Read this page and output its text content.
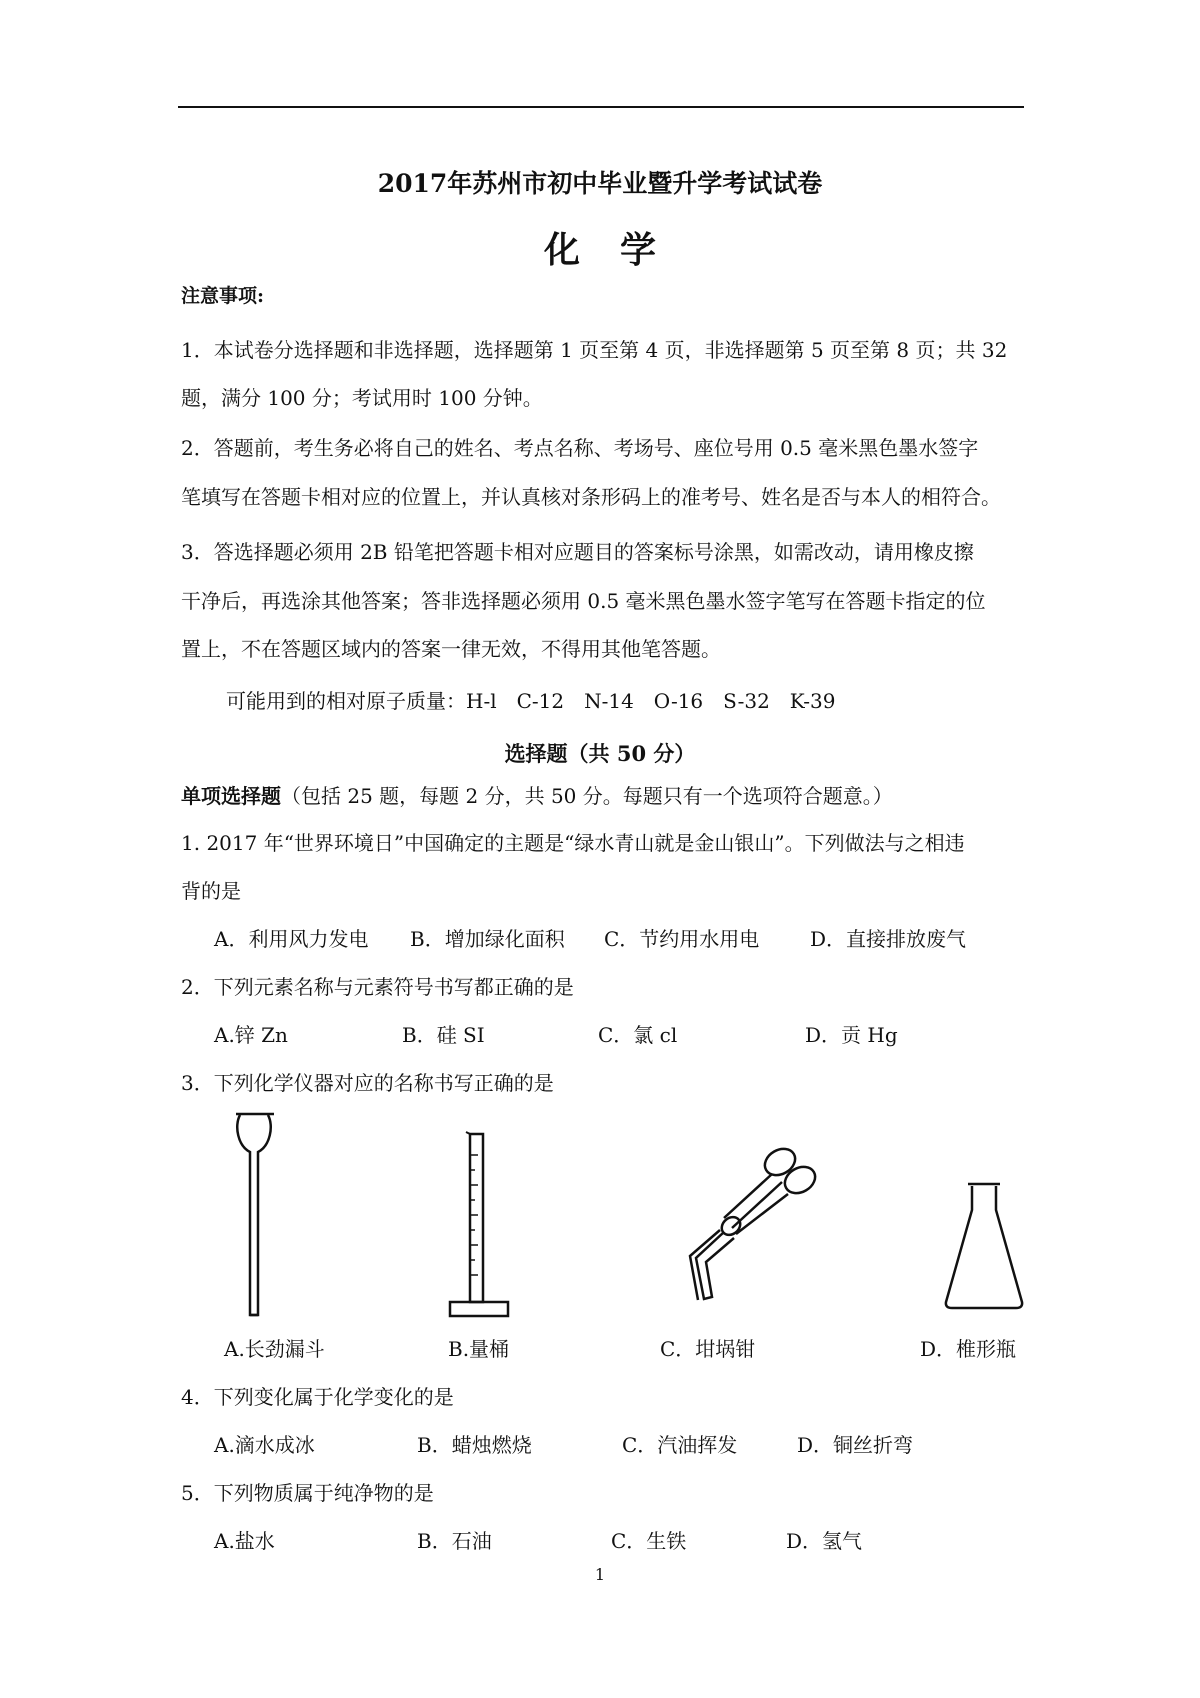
2017年苏州市初中毕业暨升学考试试卷
化学
注意事项:
1．本试卷分选择题和非选择题，选择题第 1 页至第 4 页，非选择题第 5 页至第 8 页；共 32
题，满分 100 分；考试用时 100 分钟。
2．答题前，考生务必将自己的姓名、考点名称、考场号、座位号用 0.5 毫米黑色墨水签字
笔填写在答题卡相对应的位置上，并认真核对条形码上的准考号、姓名是否与本人的相符合。
3．答选择题必须用 2B 铅笔把答题卡相对应题目的答案标号涂黑，如需改动，请用橡皮擦
干净后，再选涂其他答案；答非选择题必须用 0.5 毫米黑色墨水签字笔写在答题卡指定的位
置上，不在答题区域内的答案一律无效，不得用其他笔答题。
可能用到的相对原子质量：H-l　C-12　N-14　O-16　S-32　K-39
选择题（共 50 分）
单项选择题（包括 25 题，每题 2 分，共 50 分。每题只有一个选项符合题意。）
1. 2017 年“世界环境日”中国确定的主题是“绿水青山就是金山银山”。下列做法与之相违
背的是
A．利用风力发电 B．增加绿化面积 C．节约用水用电	D．直接排放废气
2．下列元素名称与元素符号书写都正确的是
A.锌 Zn	B．硅 SI	C．氯 cl	D．贡 Hg
3．下列化学仪器对应的名称书写正确的是
A.长劲漏斗	B.量桶	C．坩埚钳	D．椎形瓶
4．下列变化属于化学变化的是
A.滴水成冰	B．蜡烛燃烧	C．汽油挥发	D．铜丝折弯
5．下列物质属于纯净物的是
A.盐水	B．石油	C．生铁	D．氢气
1
